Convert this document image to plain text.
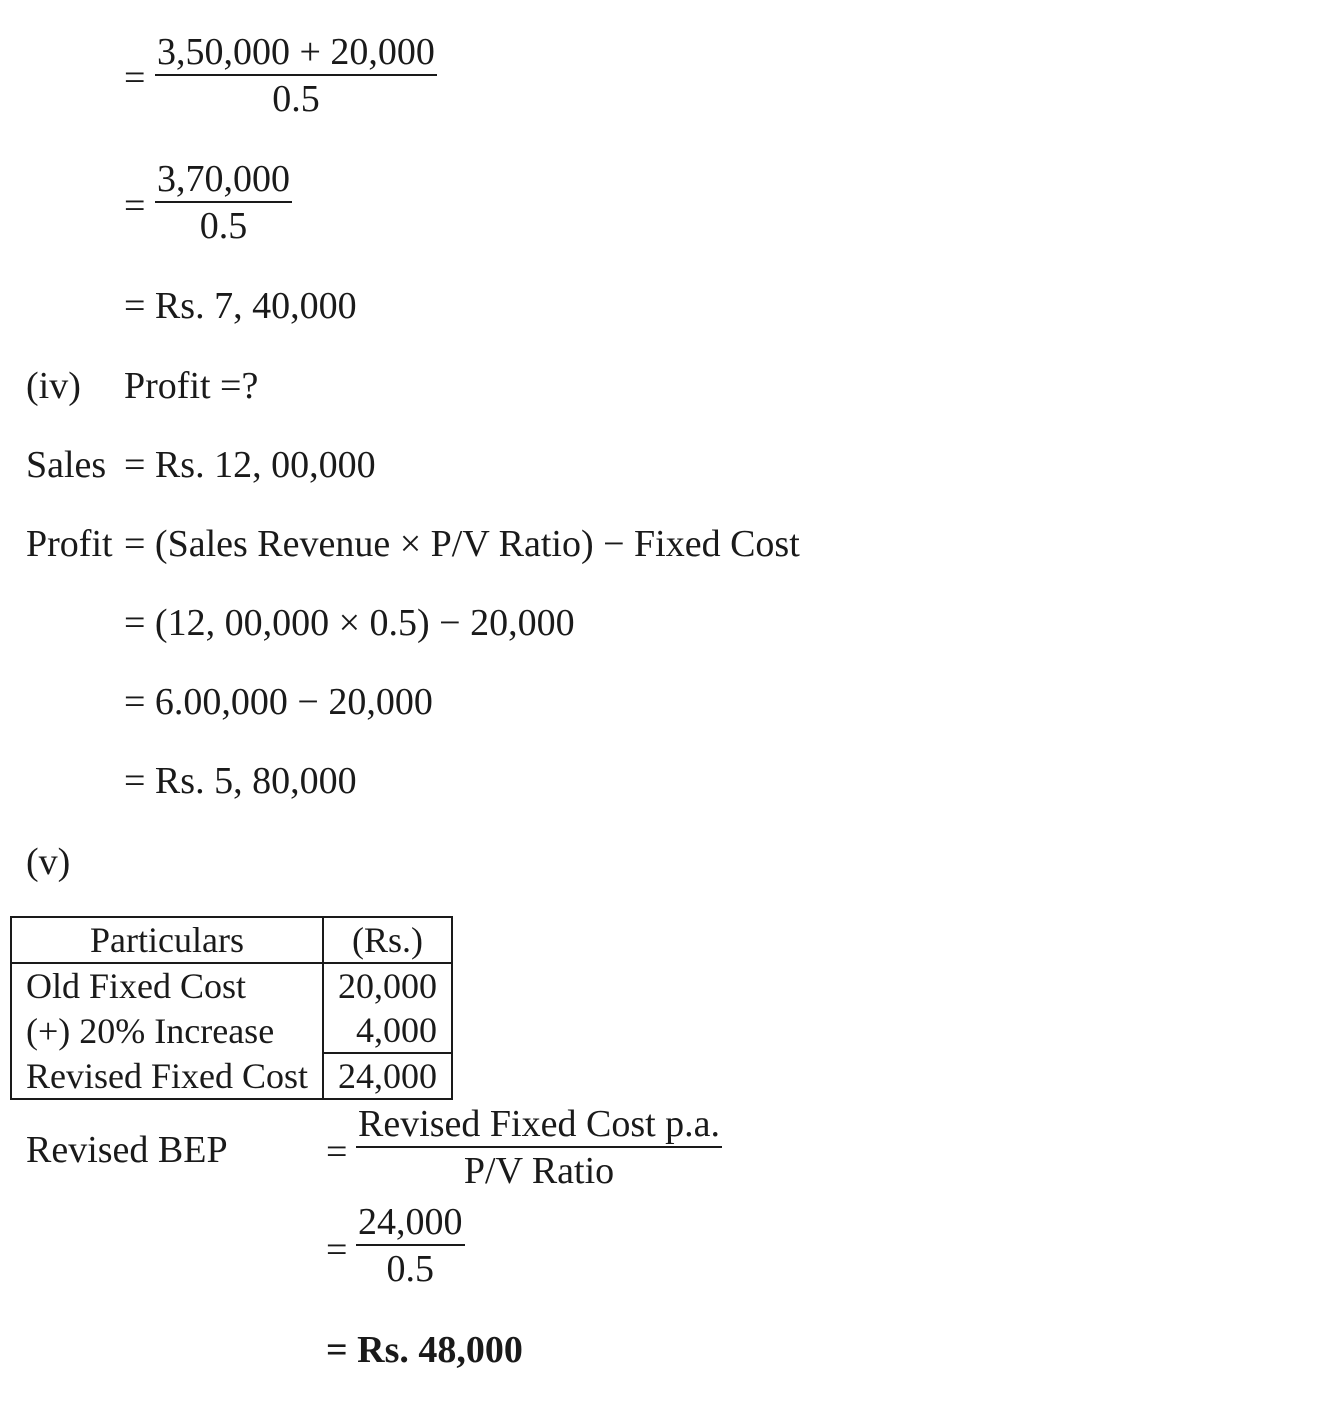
= $\frac{3,50,000 + 20,000}{0.5}$
= $\frac{3,70,000}{0.5}$
= Rs. 7, 40,000
(iv) Profit =?
Sales = Rs. 12, 00,000
Profit = (Sales Revenue × P/V Ratio) − Fixed Cost
= (12, 00,000 × 0.5) − 20,000
= 6.00,000 − 20,000
= Rs. 5, 80,000
(v)
Particulars	(Rs.)
Old Fixed Cost	20,000
(+) 20% Increase	4,000
Revised Fixed Cost	24,000
Revised BEP	=
Revised Fixed Cost p.a.
P/V Ratio
= $\frac{24,000}{0.5}$
= Rs. 48,000
